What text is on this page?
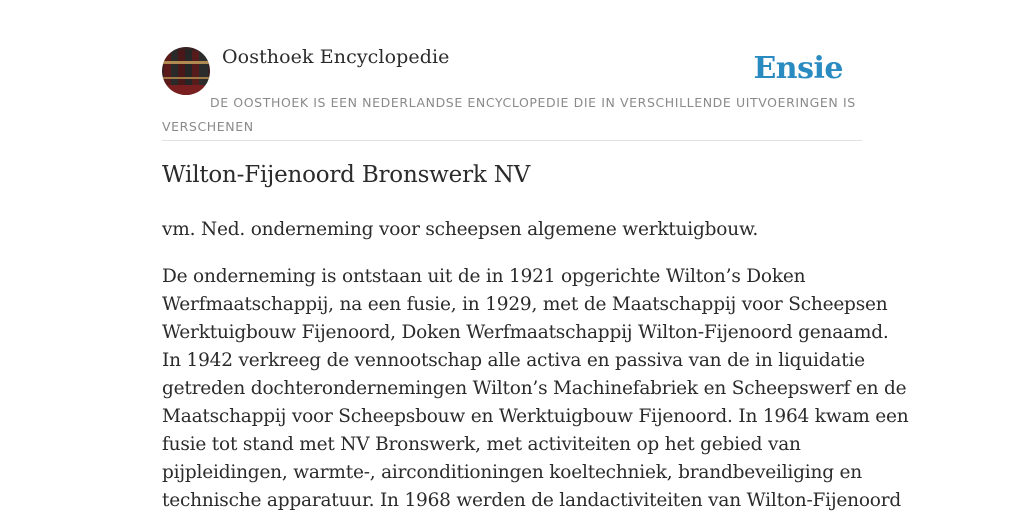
Oosthoek Encyclopedie	Ensie
DE OOSTHOEK IS EEN NEDERLANDSE ENCYCLOPEDIE DIE IN VERSCHILLENDE UITVOERINGEN IS VERSCHENEN
Wilton-Fijenoord Bronswerk NV

vm. Ned. onderneming voor scheepsen algemene werktuigbouw.

De onderneming is ontstaan uit de in 1921 opgerichte Wilton’s Doken
Werfmaatschappij, na een fusie, in 1929, met de Maatschappij voor Scheepsen
Werktuigbouw Fijenoord, Doken Werfmaatschappij Wilton-Fijenoord genaamd.
In 1942 verkreeg de vennootschap alle activa en passiva van de in liquidatie
getreden dochterondernemingen Wilton’s Machinefabriek en Scheepswerf en de
Maatschappij voor Scheepsbouw en Werktuigbouw Fijenoord. In 1964 kwam een
fusie tot stand met NV Bronswerk, met activiteiten op het gebied van
pijpleidingen, warmte-, airconditioningen koeltechniek, brandbeveiliging en
technische apparatuur. In 1968 werden de landactiviteiten van Wilton-Fijenoord
